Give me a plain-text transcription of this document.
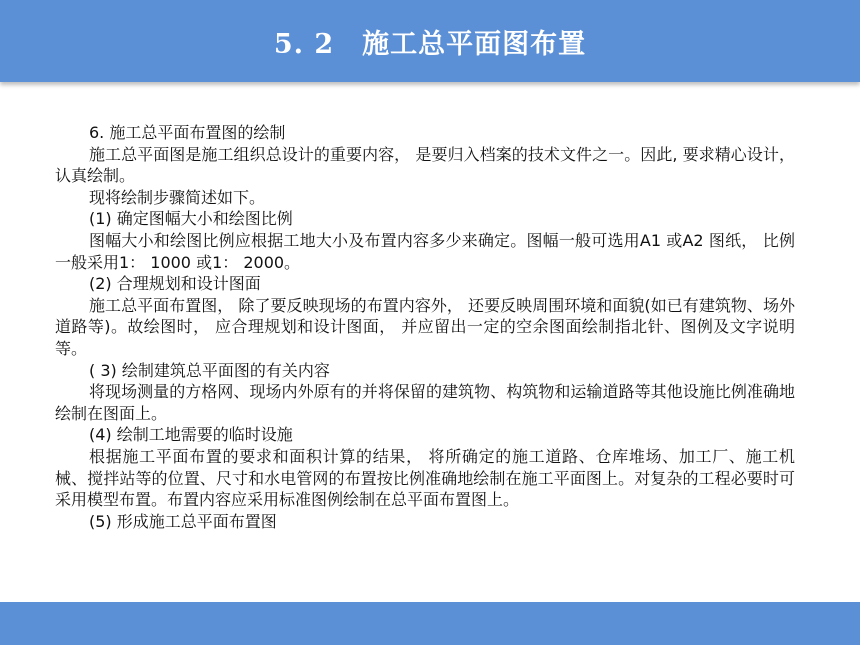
5. 2　施工总平面图布置

6. 施工总平面布置图的绘制

施工总平面图是施工组织总设计的重要内容， 是要归入档案的技术文件之一。因此, 要求精心设计，认真绘制。

现将绘制步骤简述如下。

(1) 确定图幅大小和绘图比例

图幅大小和绘图比例应根据工地大小及布置内容多少来确定。图幅一般可选用A1 或A2 图纸， 比例一般采用1： 1000 或1： 2000。

(2) 合理规划和设计图面

施工总平面布置图， 除了要反映现场的布置内容外， 还要反映周围环境和面貌(如已有建筑物、场外道路等)。故绘图时， 应合理规划和设计图面， 并应留出一定的空余图面绘制指北针、图例及文字说明等。

( 3) 绘制建筑总平面图的有关内容

将现场测量的方格网、现场内外原有的并将保留的建筑物、构筑物和运输道路等其他设施比例准确地绘制在图面上。

(4) 绘制工地需要的临时设施

根据施工平面布置的要求和面积计算的结果， 将所确定的施工道路、仓库堆场、加工厂、施工机械、搅拌站等的位置、尺寸和水电管网的布置按比例准确地绘制在施工平面图上。对复杂的工程必要时可采用模型布置。布置内容应采用标准图例绘制在总平面布置图上。

(5) 形成施工总平面布置图
